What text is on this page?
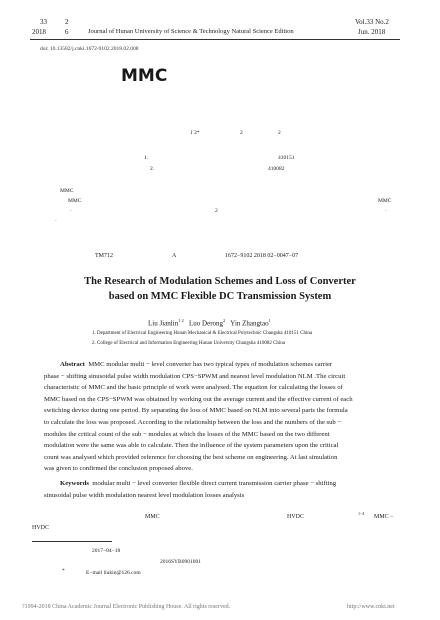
33	2
2018	6	Journal of Hunan University of Science & Technology Natural Science Edition
Vol.33 No.2
Jun. 2018
doi: 10.13582/j.cnki.1672-9102.2018.02.008
MMC
1 2*	2	2
1.	410151
2.	410082
MMC
MMC	MMC
·	2	·
·
TM712	A	1672−9102 2018 02−0047−07
The Research of Modulation Schemes and Loss of Converter
based on MMC Flexible DC Transmission System
Liu Jianlin$^{1 2}$ Luo Derong$^2$ Yin Zhangtao$^1$
1. Department of Electrical Engineering Hunan Mechanical & Electrical Polytechnic Changsha 410151 China
2. College of Electrical and Information Engineering Hunan University Changsha 410082 China
Abstract MMC modular multi − level converter has two typical types of modulation schemes carrier
phase − shifting sinusoidal pulse width modulation CPS−SPWM and nearest level modulation NLM .The circuit
characteristic of MMC and the basic principle of work were analysed. The equation for calculating the losses of
MMC based on the CPS−SPWM was obtained by working out the average current and the effective current of each
switching device during one period. By separating the loss of MMC based on NLM into several parts the formula
to calculate the loss was proposed. According to the relationship between the loss and the numbers of the sub −
modules the critical count of the sub − modules at which the losses of the MMC based on the two different
modulation were the same was able to calculate. Then the influence of the system parameters upon the critical
count was analysed which provided reference for choosing the best scheme on engineering. At last simulation
was given to confirmed the conclusion proposed above.
Keywords modular multi − level converter flexible direct current transmission carrier phase − shifting
sinusoidal pulse width modulation nearest level modulation losses analysis
MMC	HVDC
1−4
MMC −
HVDC
2017−04−18
2016SYB0901001
*	E−mail liukin@126.com
?1994-2018 China Academic Journal Electronic Publishing House. All rights reserved.	http://www.cnki.net
